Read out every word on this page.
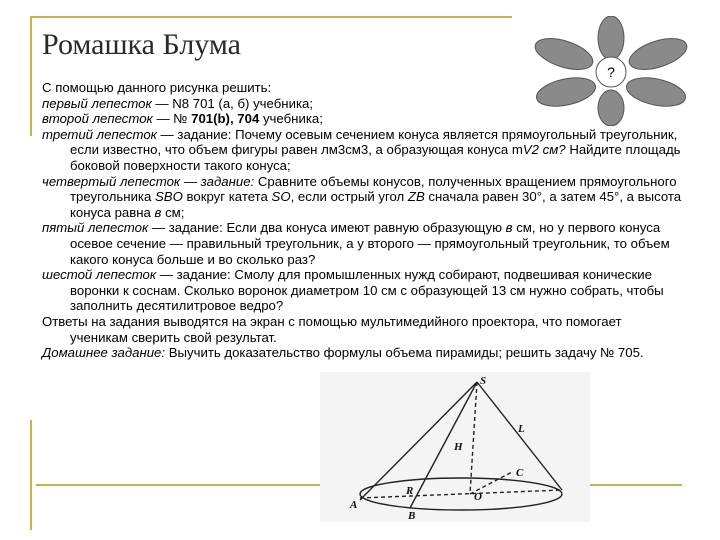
Ромашка Блума
?

С помощью данного рисунка решить:

первый лепесток — N8 701 (а, б) учебника;

второй лепесток — № 701(b), 704 учебника;

третий лепесток — задание: Почему осевым сечением конуса является прямоугольный треугольник, если известно, что объем фигуры равен лм3см3, а образующая конуса mV2 см? Найдите площадь боковой поверхности такого конуса;

четвертый лепесток — задание: Сравните объемы конусов, полученных вращением прямоугольного треугольника SBO вокруг катета SO, если острый угол ZB сначала равен 30°, а затем 45°, а высота конуса равна в см;

пятый лепесток — задание: Если два конуса имеют равную образующую в см, но у первого конуса осевое сечение — правильный треугольник, а у второго — прямоугольный треугольник, то объем какого конуса больше и во сколько раз?

шестой лепесток — задание: Смолу для промышленных нужд собирают, подвешивая конические воронки к соснам. Сколько воронок диаметром 10 см с образующей 13 см нужно собрать, чтобы заполнить десятилитровое ведро?

Ответы на задания выводятся на экран с помощью мультимедийного проектора, что помогает ученикам сверить свой результат.

Домашнее задание: Выучить доказательство формулы объема пирамиды; решить задачу № 705.

S
H
L
C
A
R	O
B
